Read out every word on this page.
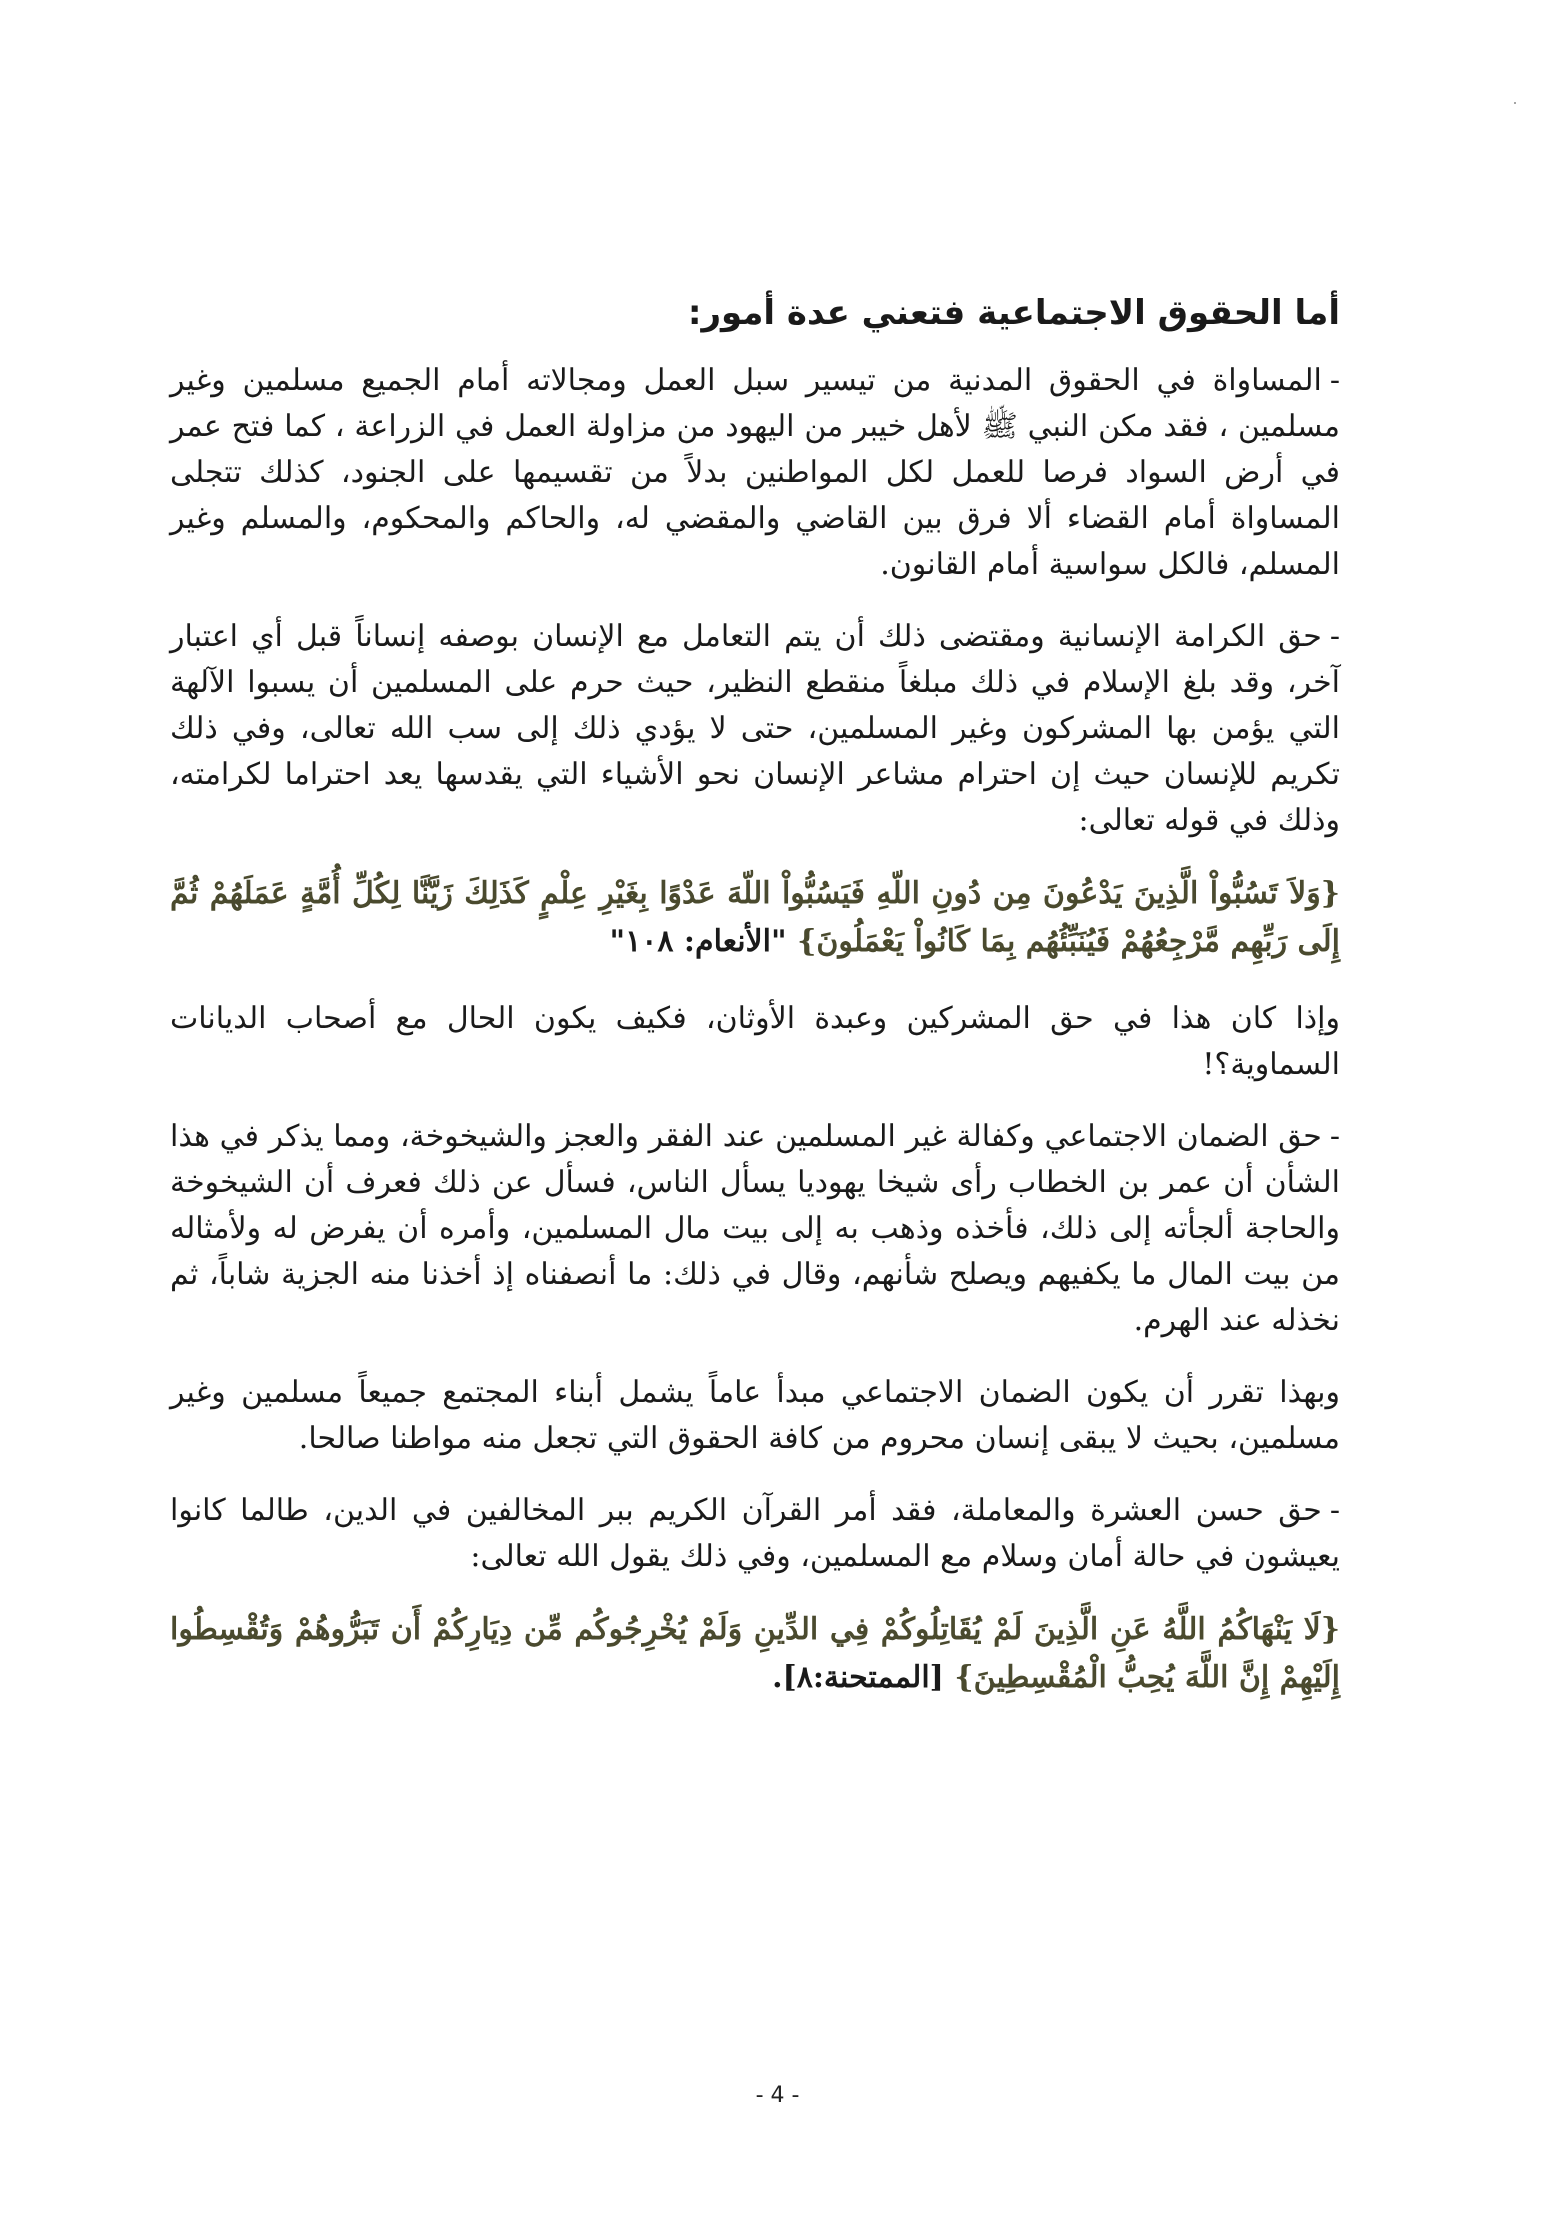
أما الحقوق الاجتماعية فتعني عدة أمور:

-المساواة في الحقوق المدنية من تيسير سبل العمل ومجالاته أمام الجميع مسلمين وغير مسلمين ، فقد مكن النبي ﷺ لأهل خيبر من اليهود من مزاولة العمل في الزراعة ، كما فتح عمر في أرض السواد فرصا للعمل لكل المواطنين بدلاً من تقسيمها على الجنود، كذلك تتجلى المساواة أمام القضاء ألا فرق بين القاضي والمقضي له، والحاكم والمحكوم، والمسلم وغير المسلم، فالكل سواسية أمام القانون.

-حق الكرامة الإنسانية ومقتضى ذلك أن يتم التعامل مع الإنسان بوصفه إنساناً قبل أي اعتبار آخر، وقد بلغ الإسلام في ذلك مبلغاً منقطع النظير، حيث حرم على المسلمين أن يسبوا الآلهة التي يؤمن بها المشركون وغير المسلمين، حتى لا يؤدي ذلك إلى سب الله تعالى، وفي ذلك تكريم للإنسان حيث إن احترام مشاعر الإنسان نحو الأشياء التي يقدسها يعد احتراما لكرامته، وذلك في قوله تعالى:

{وَلاَ تَسُبُّواْ الَّذِينَ يَدْعُونَ مِن دُونِ اللّهِ فَيَسُبُّواْ اللّهَ عَدْوًا بِغَيْرِ عِلْمٍ كَذَلِكَ زَيَّنَّا لِكُلِّ أُمَّةٍ عَمَلَهُمْ ثُمَّ إِلَى رَبِّهِم مَّرْجِعُهُمْ فَيُنَبِّئُهُم بِمَا كَانُواْ يَعْمَلُونَ} "الأنعام: ١٠٨"

وإذا كان هذا في حق المشركين وعبدة الأوثان، فكيف يكون الحال مع أصحاب الديانات السماوية؟!

-حق الضمان الاجتماعي وكفالة غير المسلمين عند الفقر والعجز والشيخوخة، ومما يذكر في هذا الشأن أن عمر بن الخطاب رأى شيخا يهوديا يسأل الناس، فسأل عن ذلك فعرف أن الشيخوخة والحاجة ألجأته إلى ذلك، فأخذه وذهب به إلى بيت مال المسلمين، وأمره أن يفرض له ولأمثاله من بيت المال ما يكفيهم ويصلح شأنهم، وقال في ذلك: ما أنصفناه إذ أخذنا منه الجزية شاباً، ثم نخذله عند الهرم.

وبهذا تقرر أن يكون الضمان الاجتماعي مبدأ عاماً يشمل أبناء المجتمع جميعاً مسلمين وغير مسلمين، بحيث لا يبقى إنسان محروم من كافة الحقوق التي تجعل منه مواطنا صالحا.

-حق حسن العشرة والمعاملة، فقد أمر القرآن الكريم ببر المخالفين في الدين، طالما كانوا يعيشون في حالة أمان وسلام مع المسلمين، وفي ذلك يقول الله تعالى:

{لَا يَنْهَاكُمُ اللَّهُ عَنِ الَّذِينَ لَمْ يُقَاتِلُوكُمْ فِي الدِّينِ وَلَمْ يُخْرِجُوكُم مِّن دِيَارِكُمْ أَن تَبَرُّوهُمْ وَتُقْسِطُوا إِلَيْهِمْ إِنَّ اللَّهَ يُحِبُّ الْمُقْسِطِينَ} [الممتحنة:٨].

- 4 -
